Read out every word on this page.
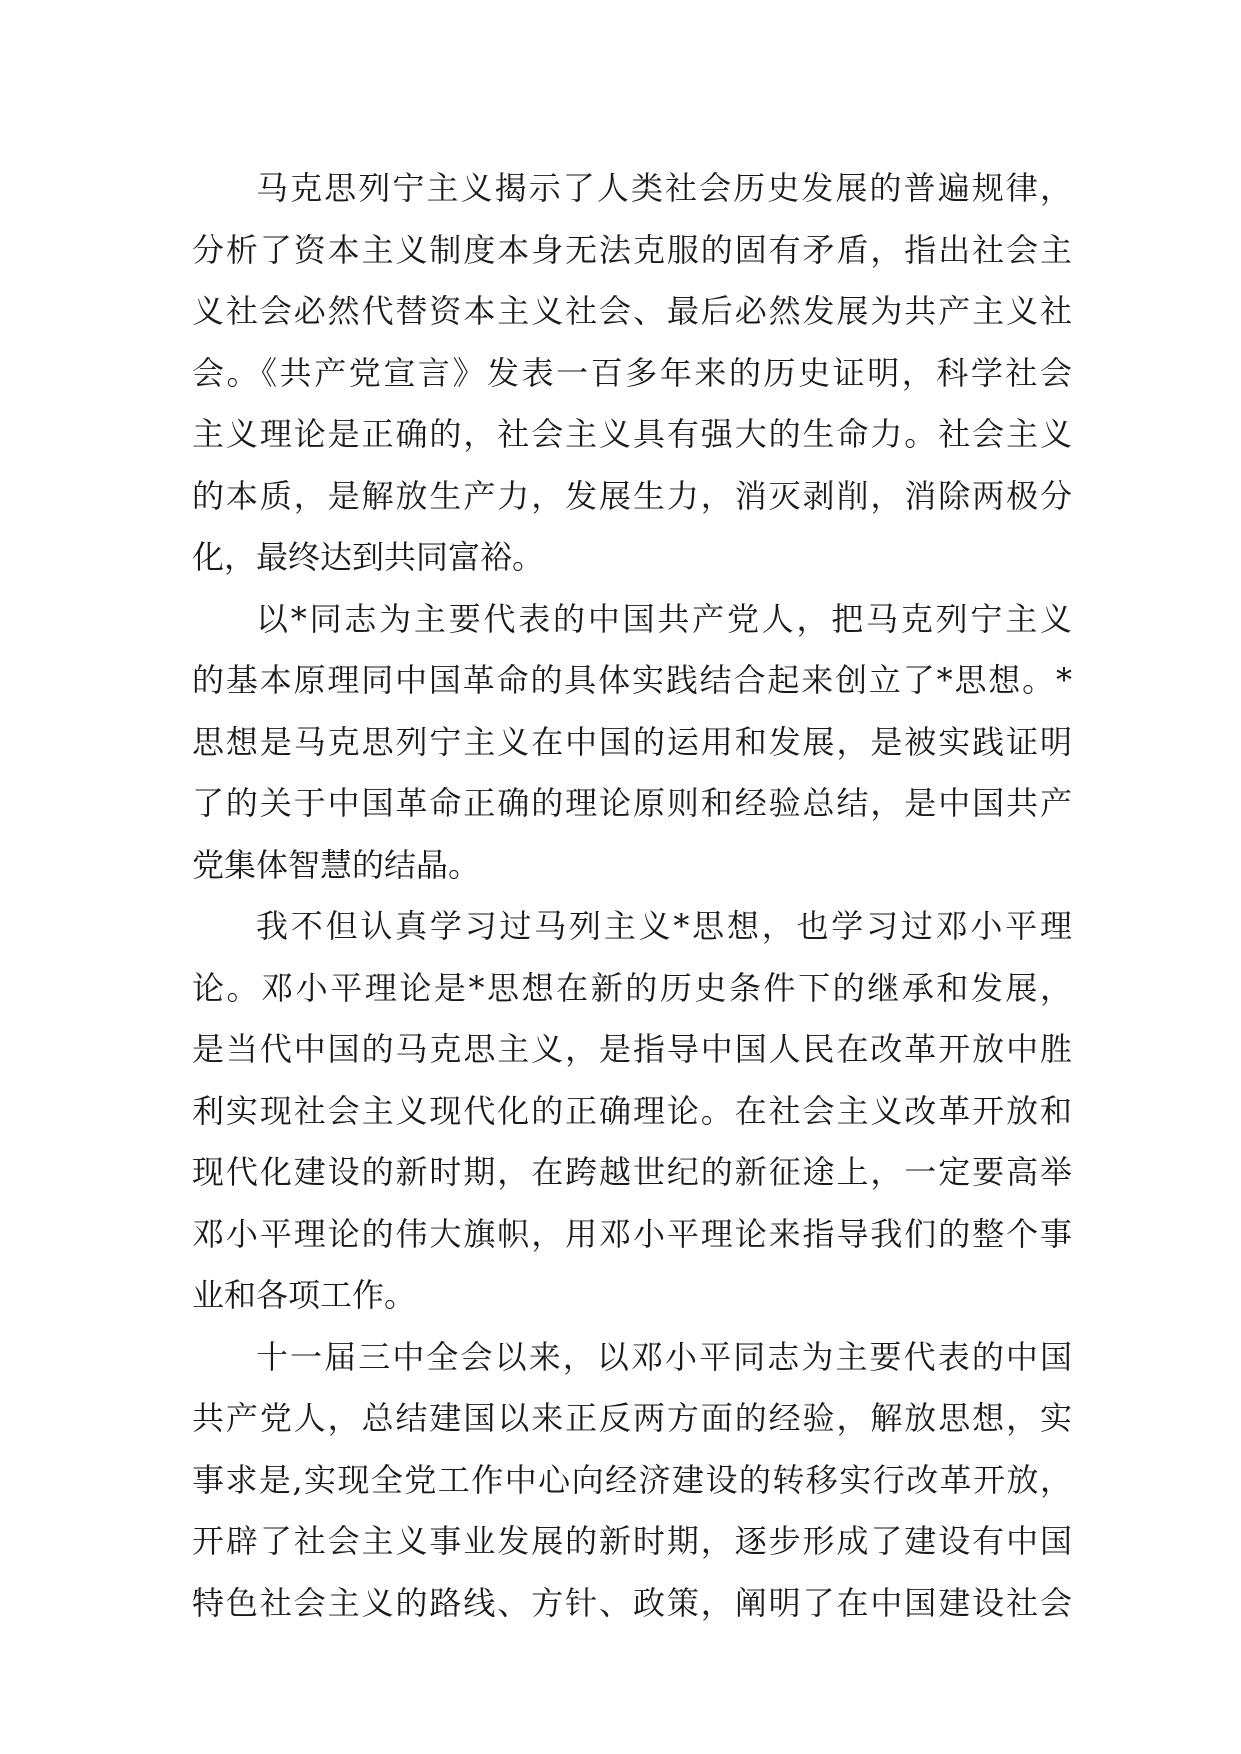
马克思列宁主义揭示了人类社会历史发展的普遍规律，
分析了资本主义制度本身无法克服的固有矛盾，指出社会主
义社会必然代替资本主义社会、最后必然发展为共产主义社
会。《共产党宣言》发表一百多年来的历史证明，科学社会
主义理论是正确的，社会主义具有强大的生命力。社会主义
的本质，是解放生产力，发展生力，消灭剥削，消除两极分
化，最终达到共同富裕。
以*同志为主要代表的中国共产党人，把马克列宁主义
的基本原理同中国革命的具体实践结合起来创立了*思想。*
思想是马克思列宁主义在中国的运用和发展，是被实践证明
了的关于中国革命正确的理论原则和经验总结，是中国共产
党集体智慧的结晶。
我不但认真学习过马列主义*思想，也学习过邓小平理
论。邓小平理论是*思想在新的历史条件下的继承和发展，
是当代中国的马克思主义，是指导中国人民在改革开放中胜
利实现社会主义现代化的正确理论。在社会主义改革开放和
现代化建设的新时期，在跨越世纪的新征途上，一定要高举
邓小平理论的伟大旗帜，用邓小平理论来指导我们的整个事
业和各项工作。
十一届三中全会以来，以邓小平同志为主要代表的中国
共产党人，总结建国以来正反两方面的经验，解放思想，实
事求是,实现全党工作中心向经济建设的转移实行改革开放，
开辟了社会主义事业发展的新时期，逐步形成了建设有中国
特色社会主义的路线、方针、政策，阐明了在中国建设社会
